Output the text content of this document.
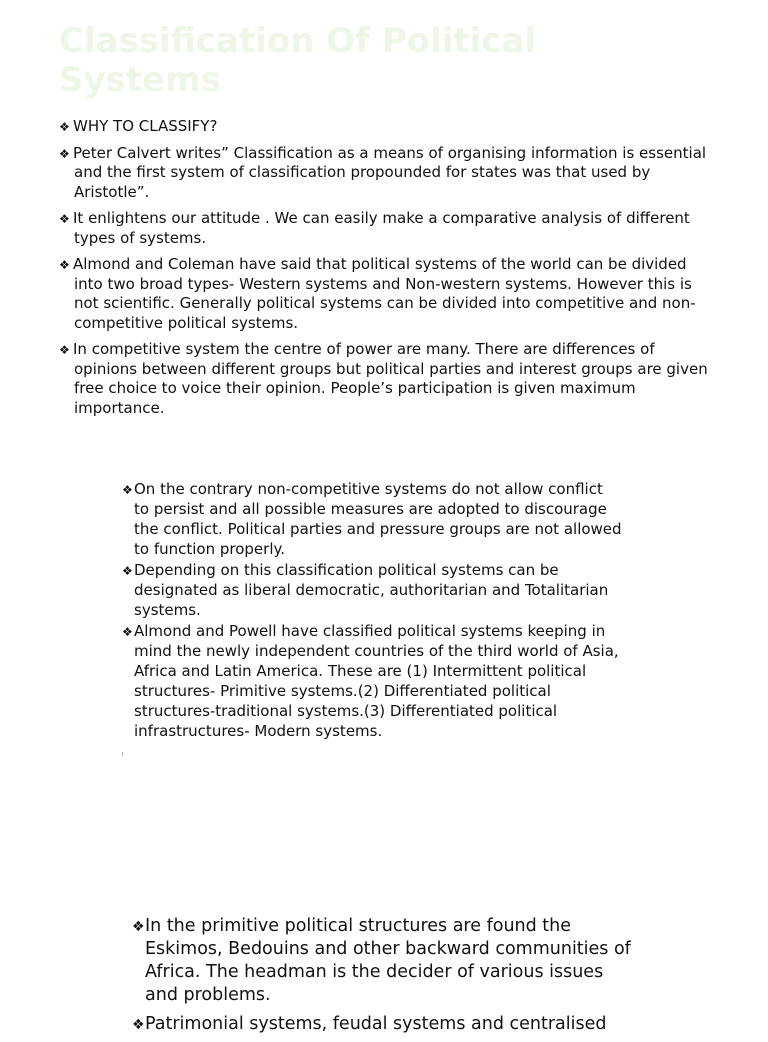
Classification Of Political Systems
❖ WHY TO CLASSIFY?
❖ Peter Calvert writes” Classification as a means of organising information is essential and the first system of classification propounded for states was that used by Aristotle”.
❖ It enlightens our attitude . We can easily make a comparative analysis of different types of systems.
❖ Almond and Coleman have said that political systems of the world can be divided into two broad types- Western systems and Non-western systems. However this is not scientific. Generally political systems can be divided into competitive and non-competitive political systems.
❖ In competitive system the centre of power are many. There are differences of opinions between different groups but political parties and interest groups are given free choice to voice their opinion. People’s participation is given maximum importance.
❖ On the contrary non-competitive systems do not allow conflict to persist and all possible measures are adopted to discourage the conflict. Political parties and pressure groups are not allowed to function properly.
❖ Depending on this classification political systems can be designated as liberal democratic, authoritarian and Totalitarian systems.
❖ Almond and Powell have classified political systems keeping in mind the newly independent countries of the third world of Asia, Africa and Latin America. These are (1) Intermittent political structures- Primitive systems.(2) Differentiated political structures-traditional systems.(3) Differentiated political infrastructures- Modern systems.
❖ In the primitive political structures are found the Eskimos, Bedouins and other backward communities of Africa. The headman is the decider of various issues and problems.
❖ Patrimonial systems, feudal systems and centralised
